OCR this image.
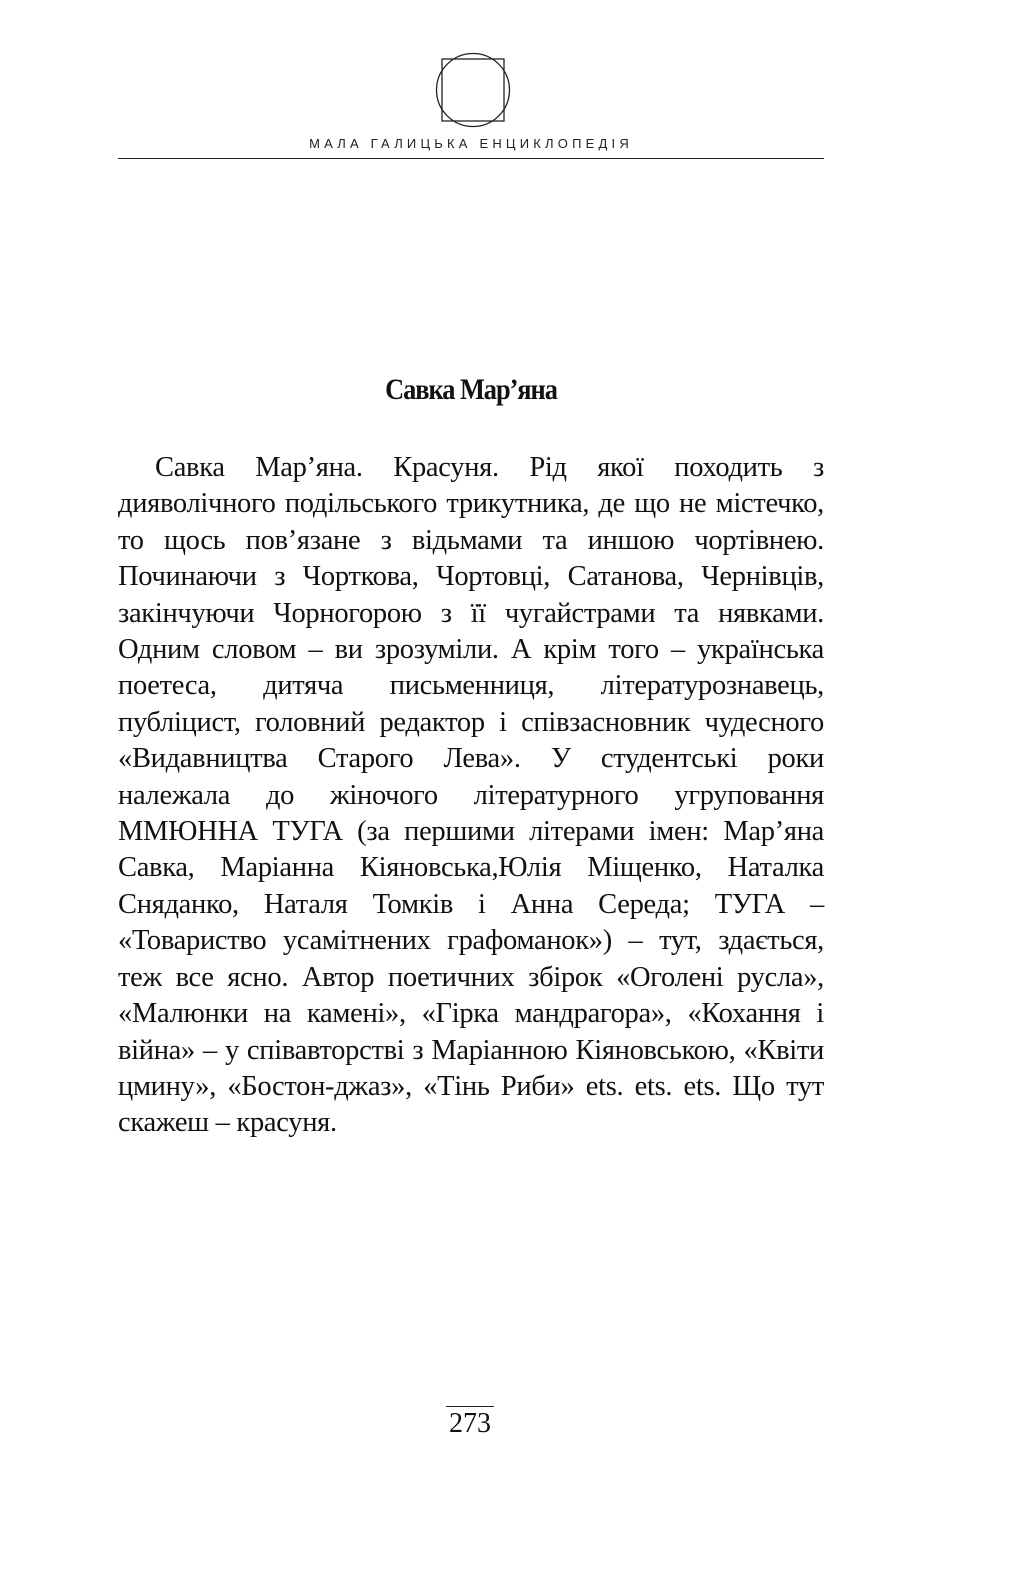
МАЛА ГАЛИЦЬКА ЕНЦИКЛОПЕДІЯ
Савка Мар’яна

Савка Мар’яна. Красуня. Рід якої походить з дияволічного подільського трикутника, де що не містечко, то щось пов’язане з відьмами та иншою чортівнею. Починаючи з Чорткова, Чортовці, Сатанова, Чернівців, закінчуючи Чорногорою з її чугайстрами та нявками. Одним словом – ви зрозуміли. А крім того – українська поетеса, дитяча письменниця, літературознавець, публіцист, головний редактор і співзасновник чудесного «Видавництва Старого Лева». У студентські роки належала до жіночого літературного угруповання ММЮННА ТУГА (за першими літерами імен: Мар’яна Савка, Маріанна Кіяновська,Юлія Міщенко, Наталка Сняданко, Наталя Томків і Анна Середа; ТУГА – «Товариство усамітнених графоманок») – тут, здається, теж все ясно. Автор поетичних збірок «Оголені русла», «Малюнки на камені», «Гірка мандрагора», «Кохання і війна» – у співавторстві з Маріанною Кіяновською, «Квіти цмину», «Бостон-джаз», «Тінь Риби» ets. ets. ets. Що тут скажеш – красуня.

273
